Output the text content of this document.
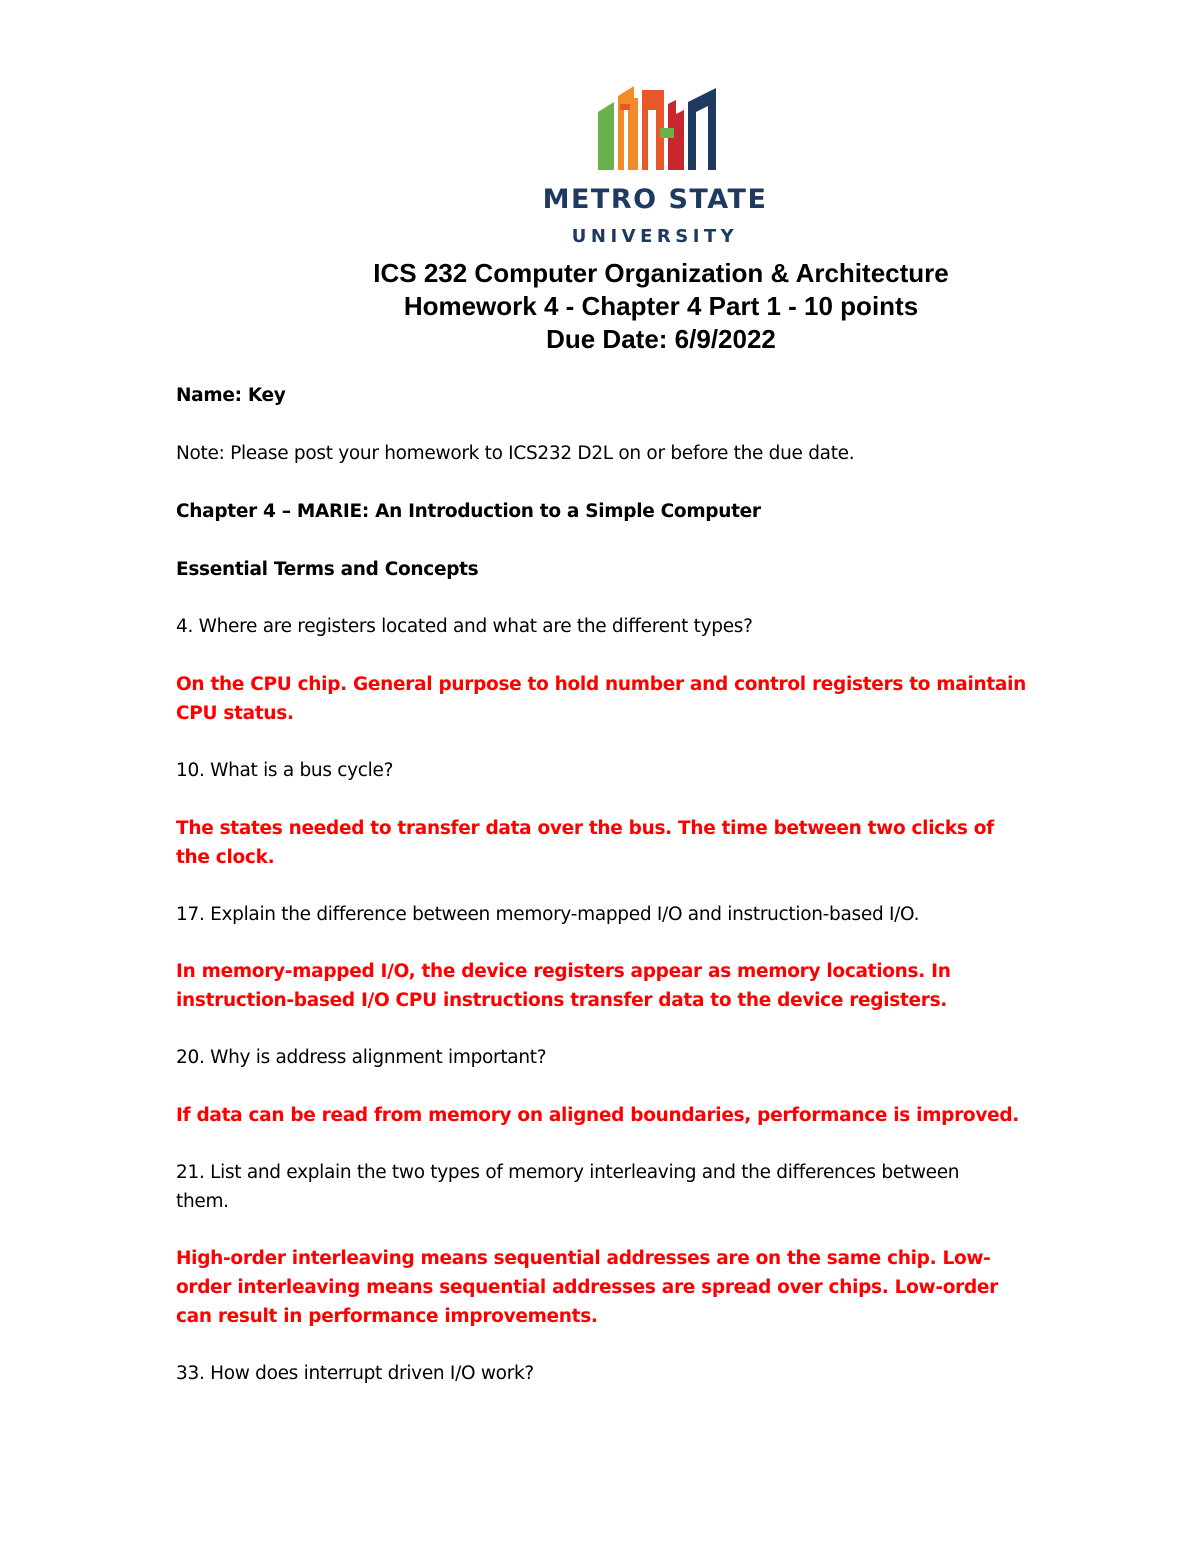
METRO STATE
UNIVERSITY
ICS 232 Computer Organization & Architecture
Homework 4 - Chapter 4 Part 1 - 10 points
Due Date: 6/9/2022
Name: Key
Note: Please post your homework to ICS232 D2L on or before the due date.
Chapter 4 – MARIE: An Introduction to a Simple Computer
Essential Terms and Concepts
4. Where are registers located and what are the different types?
On the CPU chip. General purpose to hold number and control registers to maintain CPU status.
10. What is a bus cycle?
The states needed to transfer data over the bus. The time between two clicks of the clock.
17. Explain the difference between memory-mapped I/O and instruction-based I/O.
In memory-mapped I/O, the device registers appear as memory locations. In instruction-based I/O CPU instructions transfer data to the device registers.
20. Why is address alignment important?
If data can be read from memory on aligned boundaries, performance is improved.
21. List and explain the two types of memory interleaving and the differences between them.
High-order interleaving means sequential addresses are on the same chip. Low-order interleaving means sequential addresses are spread over chips. Low-order can result in performance improvements.
33. How does interrupt driven I/O work?
